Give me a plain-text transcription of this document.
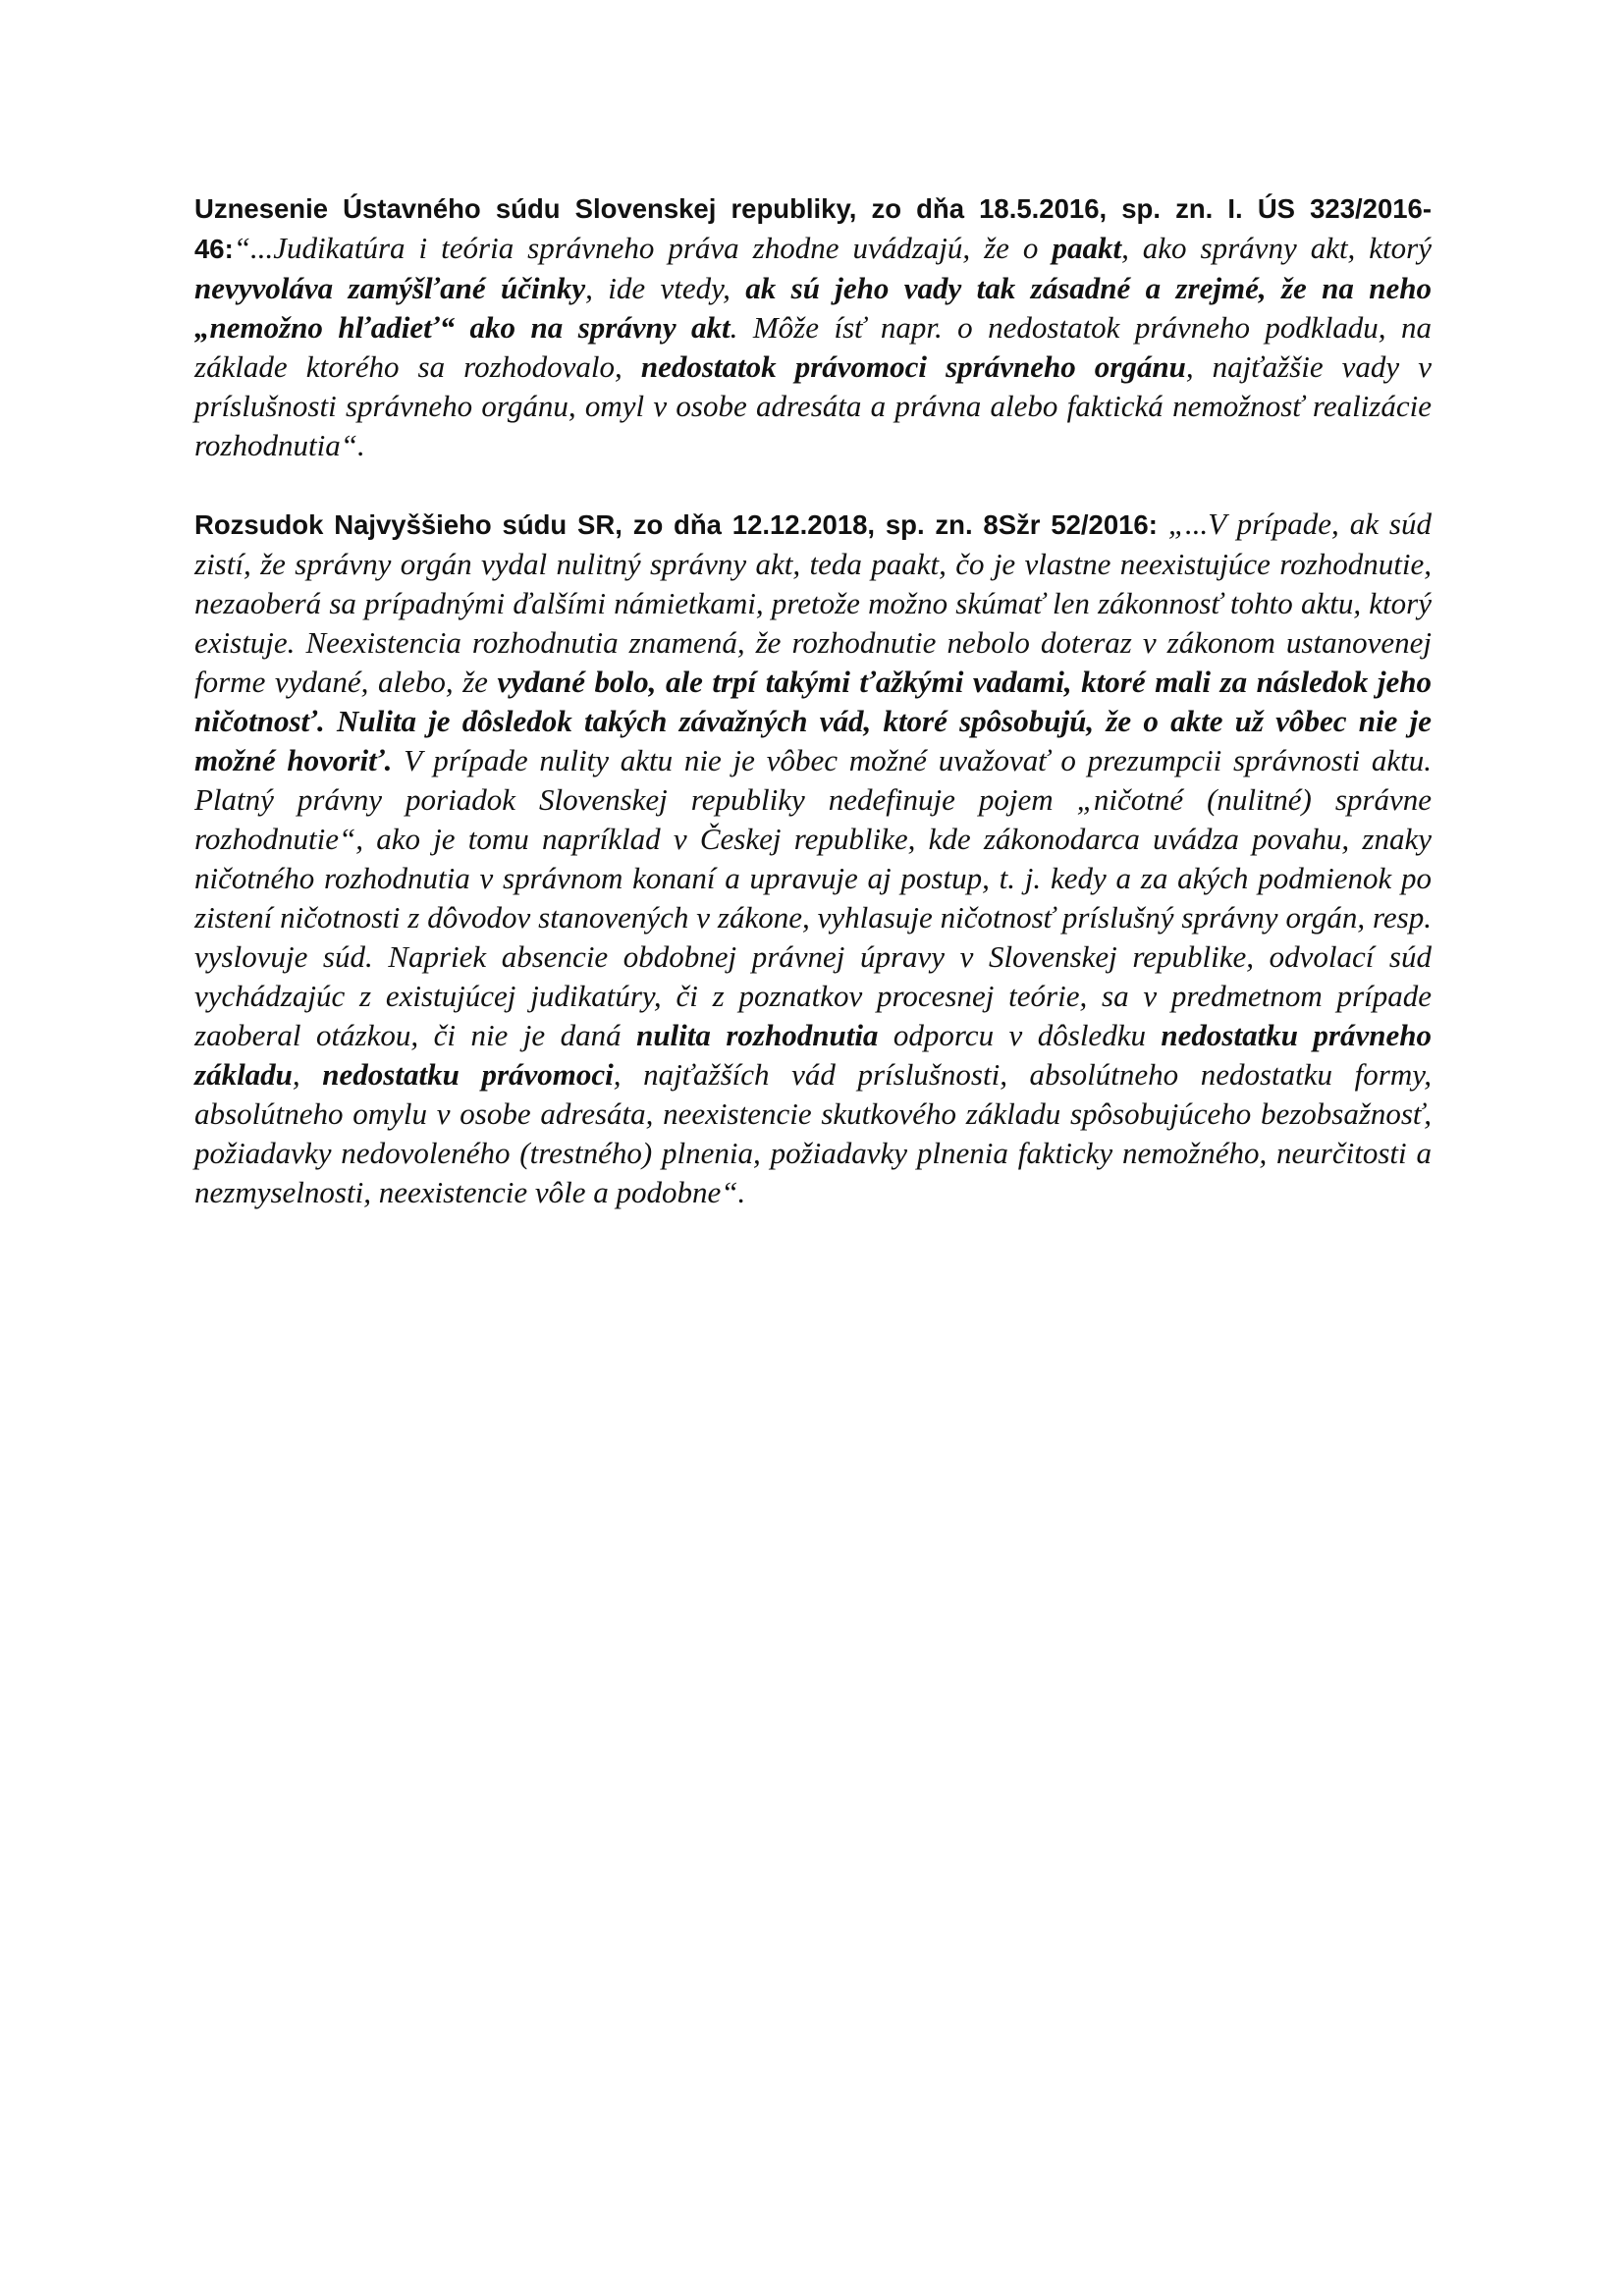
Uznesenie Ústavného súdu Slovenskej republiky, zo dňa 18.5.2016, sp. zn. I. ÚS 323/2016-46:“...Judikatúra i teória správneho práva zhodne uvádzajú, že o paakt, ako správny akt, ktorý nevyvoláva zamýšľané účinky, ide vtedy, ak sú jeho vady tak zásadné a zrejmé, že na neho „nemožno hľadieť“ ako na správny akt. Môže ísť napr. o nedostatok právneho podkladu, na základe ktorého sa rozhodovalo, nedostatok právomoci správneho orgánu, najťažšie vady v príslušnosti správneho orgánu, omyl v osobe adresáta a právna alebo faktická nemožnosť realizácie rozhodnutia“.

Rozsudok Najvyššieho súdu SR, zo dňa 12.12.2018, sp. zn. 8Sžr 52/2016: „...V prípade, ak súd zistí, že správny orgán vydal nulitný správny akt, teda paakt, čo je vlastne neexistujúce rozhodnutie, nezaoberá sa prípadnými ďalšími námietkami, pretože možno skúmať len zákonnosť tohto aktu, ktorý existuje. Neexistencia rozhodnutia znamená, že rozhodnutie nebolo doteraz v zákonom ustanovenej forme vydané, alebo, že vydané bolo, ale trpí takými ťažkými vadami, ktoré mali za následok jeho ničotnosť. Nulita je dôsledok takých závažných vád, ktoré spôsobujú, že o akte už vôbec nie je možné hovoriť. V prípade nulity aktu nie je vôbec možné uvažovať o prezumpcii správnosti aktu. Platný právny poriadok Slovenskej republiky nedefinuje pojem „ničotné (nulitné) správne rozhodnutie“, ako je tomu napríklad v Českej republike, kde zákonodarca uvádza povahu, znaky ničotného rozhodnutia v správnom konaní a upravuje aj postup, t. j. kedy a za akých podmienok po zistení ničotnosti z dôvodov stanovených v zákone, vyhlasuje ničotnosť príslušný správny orgán, resp. vyslovuje súd. Napriek absencie obdobnej právnej úpravy v Slovenskej republike, odvolací súd vychádzajúc z existujúcej judikatúry, či z poznatkov procesnej teórie, sa v predmetnom prípade zaoberal otázkou, či nie je daná nulita rozhodnutia odporcu v dôsledku nedostatku právneho základu, nedostatku právomoci, najťažších vád príslušnosti, absolútneho nedostatku formy, absolútneho omylu v osobe adresáta, neexistencie skutkového základu spôsobujúceho bezobsažnosť, požiadavky nedovoleného (trestného) plnenia, požiadavky plnenia fakticky nemožného, neurčitosti a nezmyselnosti, neexistencie vôle a podobne“.
